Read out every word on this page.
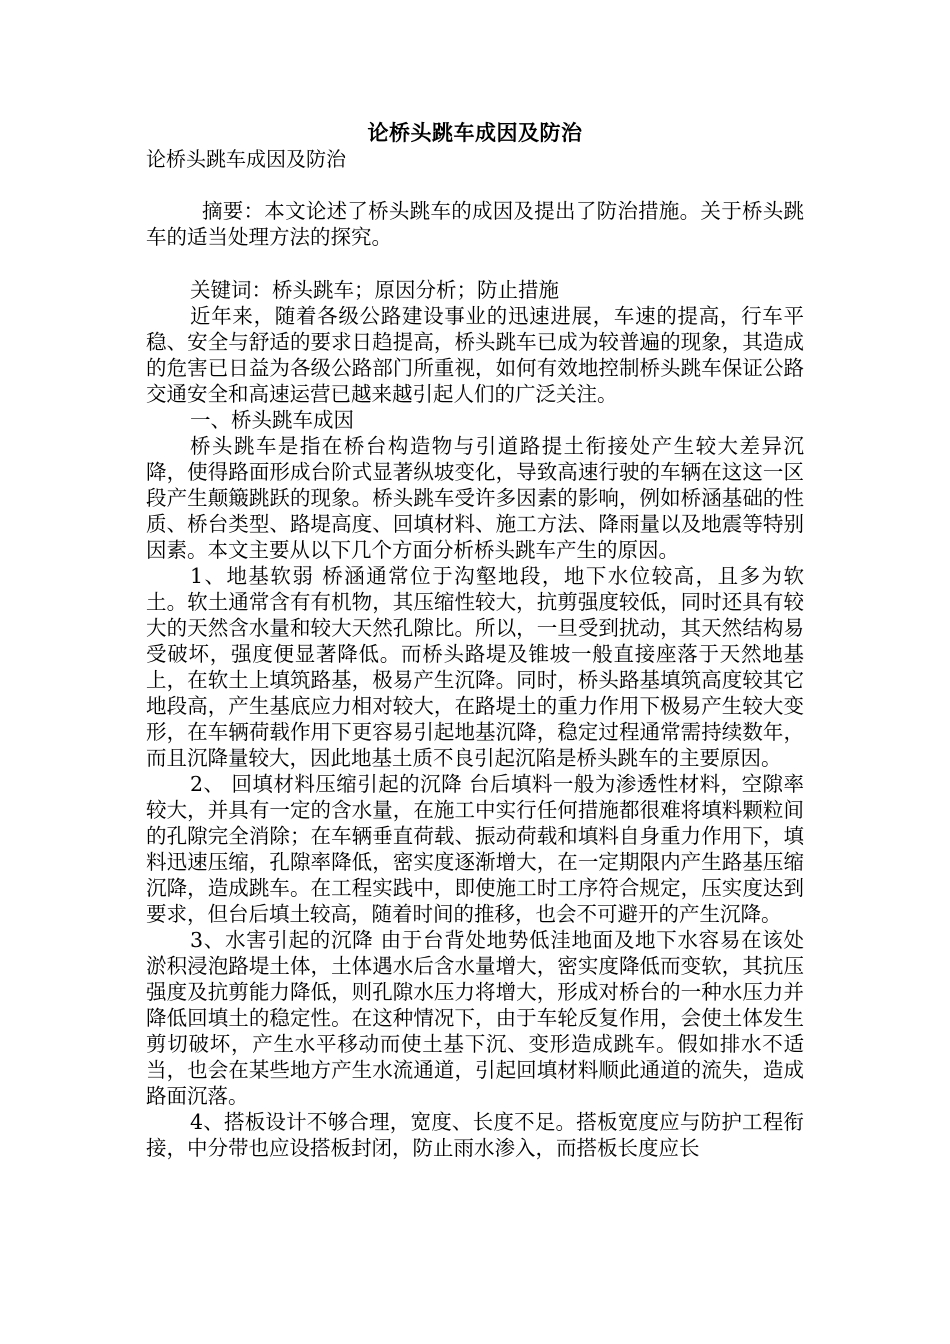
论桥头跳车成因及防治

论桥头跳车成因及防治

摘要：本文论述了桥头跳车的成因及提出了防治措施。关于桥头跳车的适当处理方法的探究。

关键词：桥头跳车；原因分析；防止措施

近年来，随着各级公路建设事业的迅速进展，车速的提高，行车平稳、安全与舒适的要求日趋提高，桥头跳车已成为较普遍的现象，其造成的危害已日益为各级公路部门所重视，如何有效地控制桥头跳车保证公路交通安全和高速运营已越来越引起人们的广泛关注。

一、桥头跳车成因

桥头跳车是指在桥台构造物与引道路提土衔接处产生较大差异沉降，使得路面形成台阶式显著纵坡变化，导致高速行驶的车辆在这这一区段产生颠簸跳跃的现象。桥头跳车受许多因素的影响，例如桥涵基础的性质、桥台类型、路堤高度、回填材料、施工方法、降雨量以及地震等特别因素。本文主要从以下几个方面分析桥头跳车产生的原因。

1、地基软弱 桥涵通常位于沟壑地段，地下水位较高，且多为软土。软土通常含有有机物，其压缩性较大，抗剪强度较低，同时还具有较大的天然含水量和较大天然孔隙比。所以，一旦受到扰动，其天然结构易受破坏，强度便显著降低。而桥头路堤及锥坡一般直接座落于天然地基上，在软土上填筑路基，极易产生沉降。同时，桥头路基填筑高度较其它地段高，产生基底应力相对较大，在路堤土的重力作用下极易产生较大变形，在车辆荷载作用下更容易引起地基沉降，稳定过程通常需持续数年，而且沉降量较大，因此地基土质不良引起沉陷是桥头跳车的主要原因。

2、 回填材料压缩引起的沉降 台后填料一般为渗透性材料，空隙率较大，并具有一定的含水量，在施工中实行任何措施都很难将填料颗粒间的孔隙完全消除；在车辆垂直荷载、振动荷载和填料自身重力作用下，填料迅速压缩，孔隙率降低，密实度逐渐增大，在一定期限内产生路基压缩沉降，造成跳车。在工程实践中，即使施工时工序符合规定，压实度达到要求，但台后填土较高，随着时间的推移，也会不可避开的产生沉降。

3、水害引起的沉降 由于台背处地势低洼地面及地下水容易在该处淤积浸泡路堤土体，土体遇水后含水量增大，密实度降低而变软，其抗压强度及抗剪能力降低，则孔隙水压力将增大，形成对桥台的一种水压力并降低回填土的稳定性。在这种情况下，由于车轮反复作用，会使土体发生剪切破坏，产生水平移动而使土基下沉、变形造成跳车。假如排水不适当，也会在某些地方产生水流通道，引起回填材料顺此通道的流失，造成路面沉落。

4、搭板设计不够合理，宽度、长度不足。搭板宽度应与防护工程衔接，中分带也应设搭板封闭，防止雨水渗入，而搭板长度应长
